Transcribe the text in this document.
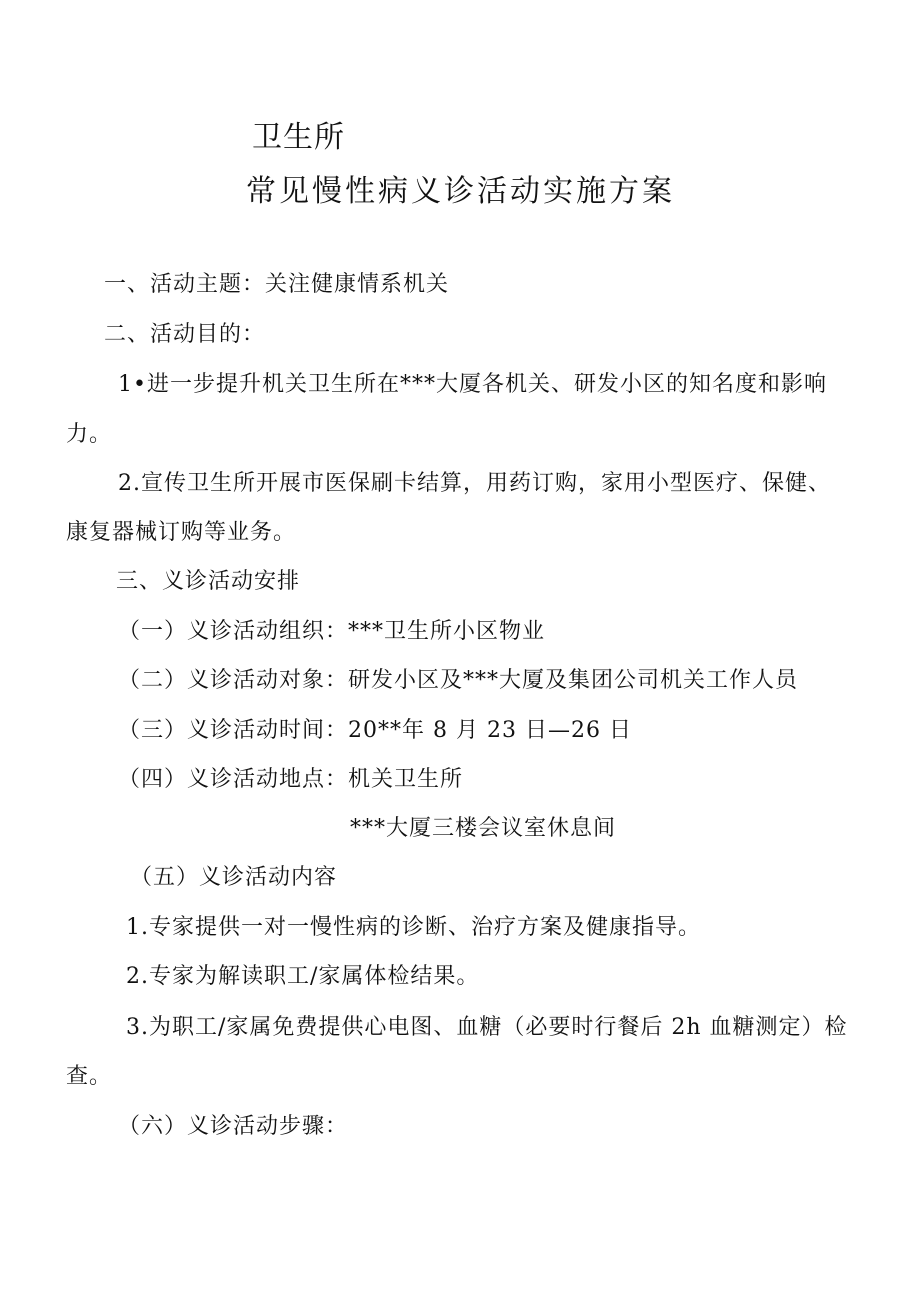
卫生所
常见慢性病义诊活动实施方案
一、活动主题：关注健康情系机关
二、活动目的：
1•进一步提升机关卫生所在***大厦各机关、研发小区的知名度和影响
力。
2.宣传卫生所开展市医保刷卡结算，用药订购，家用小型医疗、保健、
康复器械订购等业务。
三、义诊活动安排
（一）义诊活动组织：***卫生所小区物业
（二）义诊活动对象：研发小区及***大厦及集团公司机关工作人员
（三）义诊活动时间：20**年 8 月 23 日—26 日
（四）义诊活动地点：机关卫生所
***大厦三楼会议室休息间
（五）义诊活动内容
1.专家提供一对一慢性病的诊断、治疗方案及健康指导。
2.专家为解读职工/家属体检结果。
3.为职工/家属免费提供心电图、血糖（必要时行餐后 2h 血糖测定）检
查。
（六）义诊活动步骤：
